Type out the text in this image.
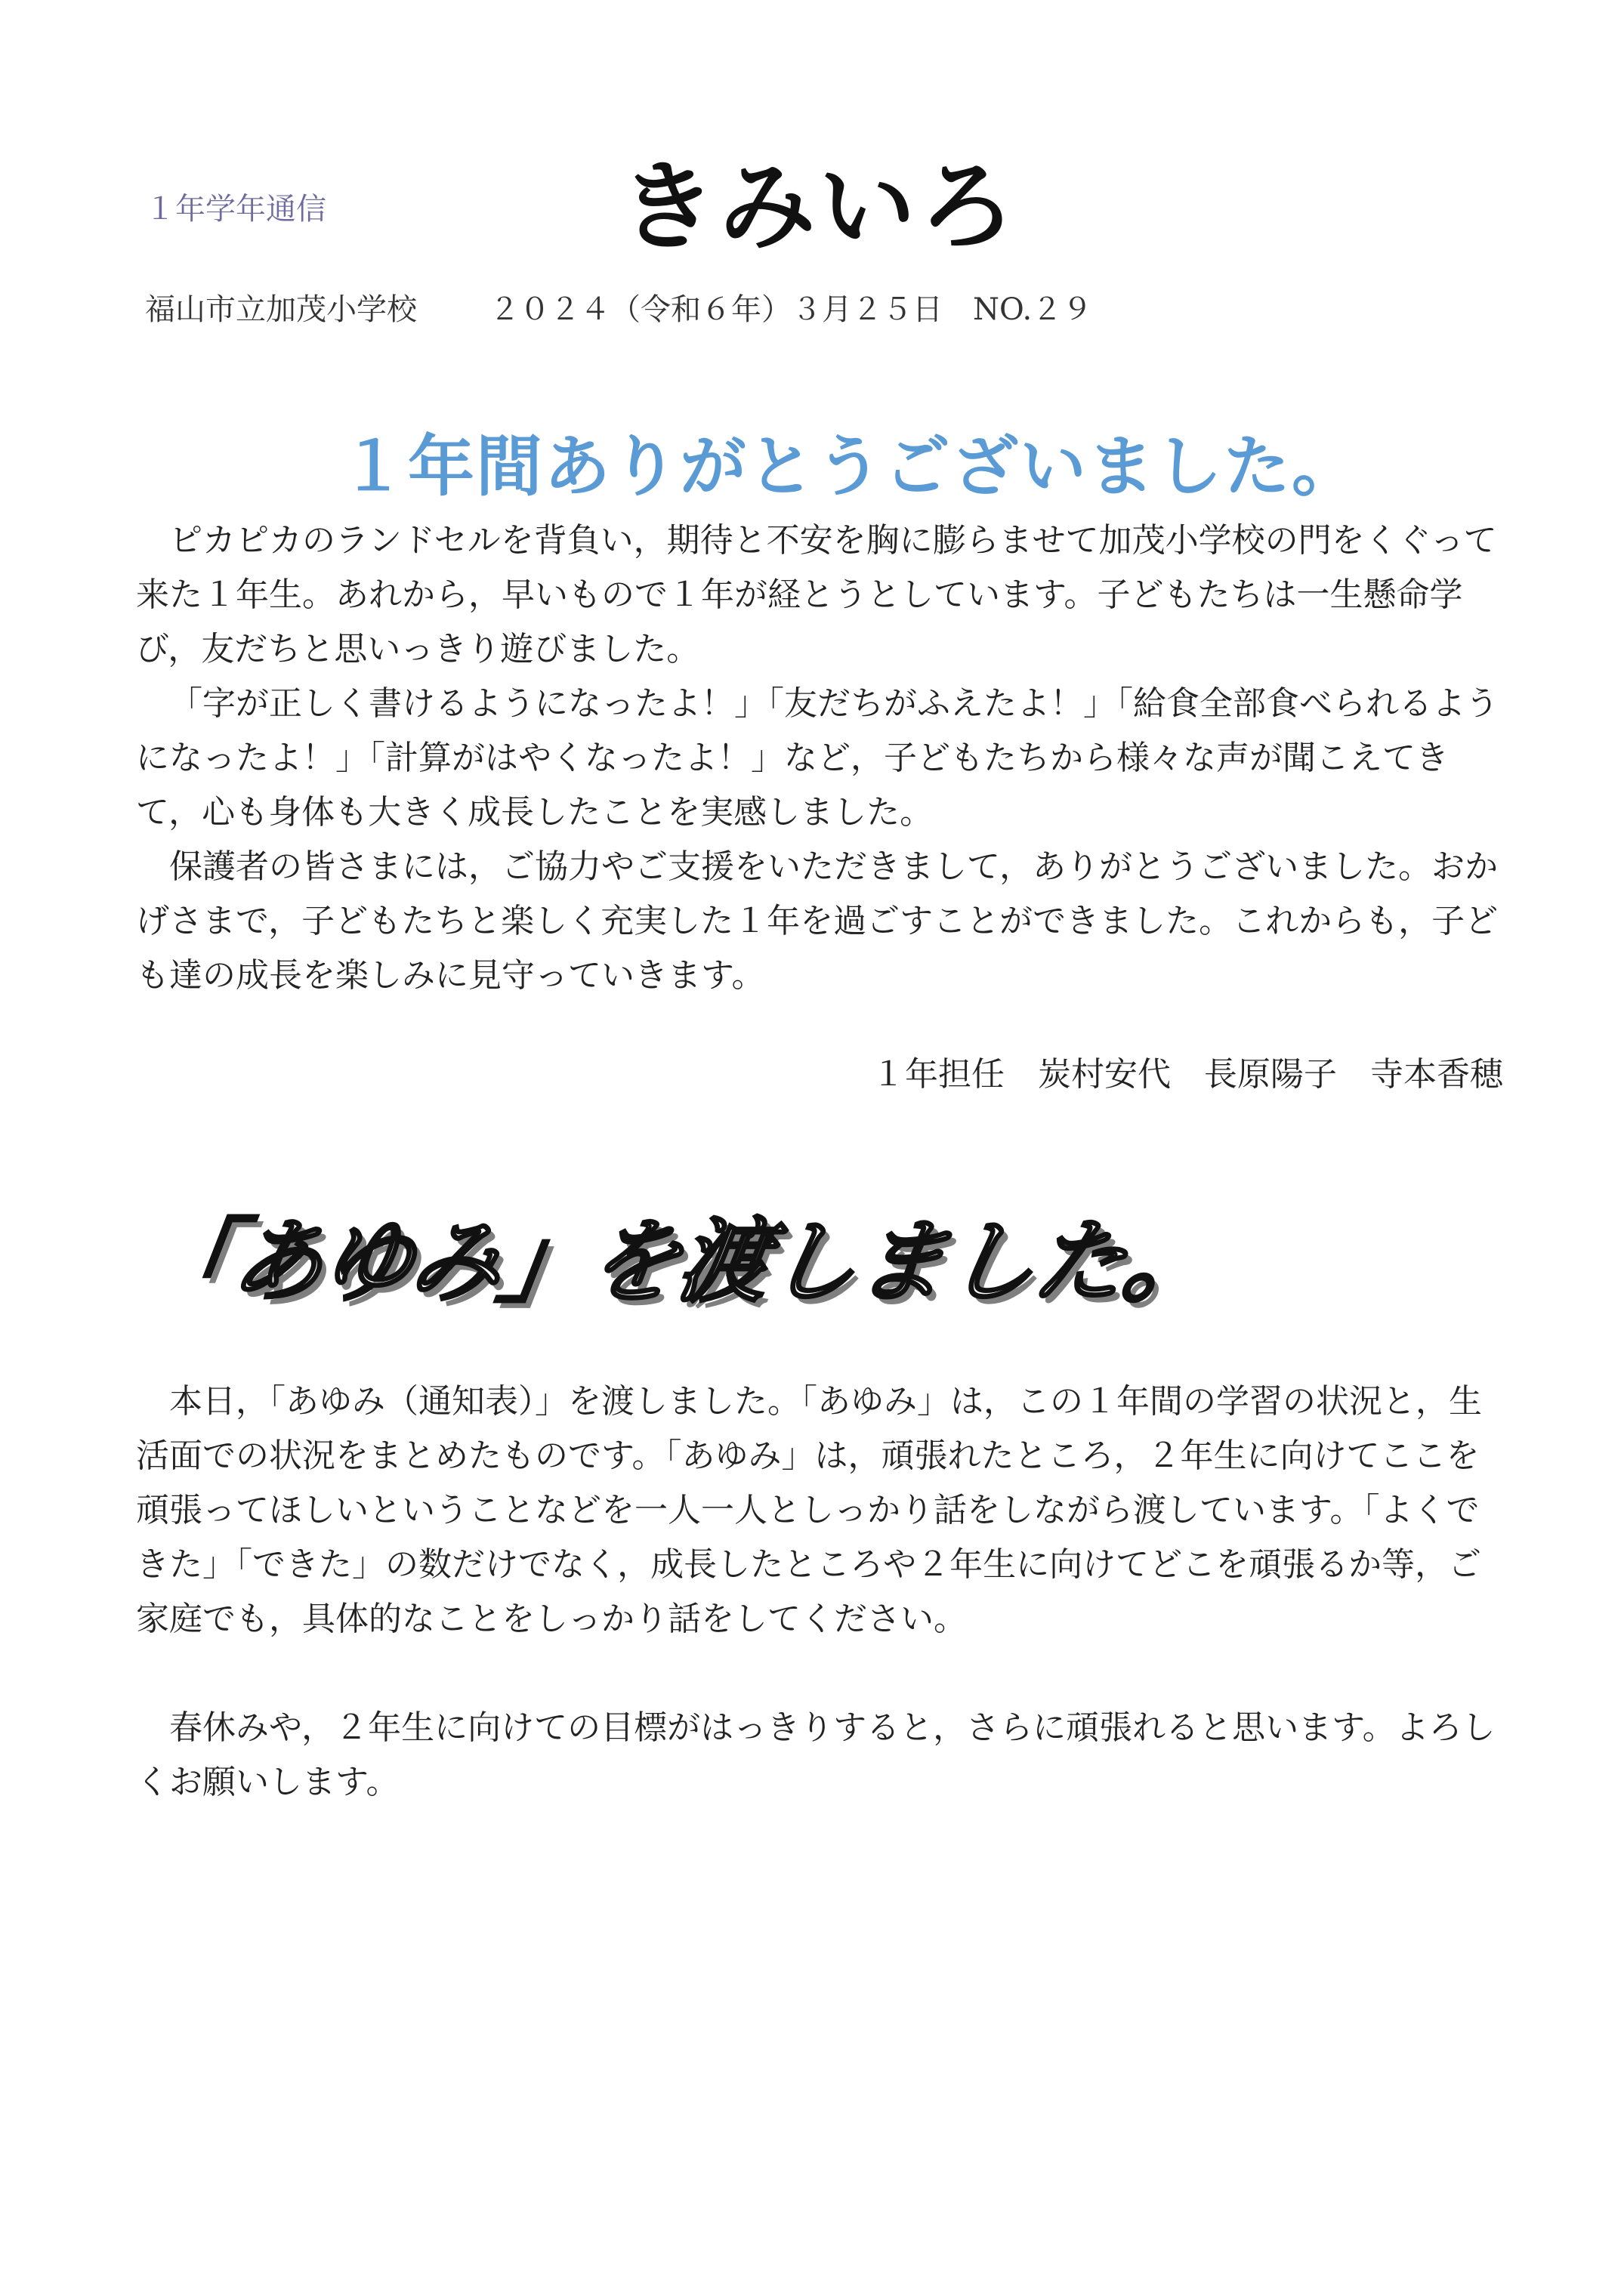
１年学年通信	きみいろ
福山市立加茂小学校 ２０２４（令和６年）３月２５日　 NO.２９
１年間ありがとうございました。

ピカピカのランドセルを背負い，期待と不安を胸に膨らませて加茂小学校の門をくぐって来た１年生。あれから，早いもので１年が経とうとしています。子どもたちは一生懸命学び，友だちと思いっきり遊びました。

「字が正しく書けるようになったよ！」「友だちがふえたよ！」「給食全部食べられるようになったよ！」「計算がはやくなったよ！」など，子どもたちから様々な声が聞こえてきて，心も身体も大きく成長したことを実感しました。

保護者の皆さまには，ご協力やご支援をいただきまして，ありがとうございました。おかげさまで，子どもたちと楽しく充実した１年を過ごすことができました。これからも，子ども達の成長を楽しみに見守っていきます。

１年担任　炭村安代　長原陽子　寺本香穂
「あゆみ」を渡しました。

本日，「あゆみ（通知表）」を渡しました。「あゆみ」は，この１年間の学習の状況と，生活面での状況をまとめたものです。「あゆみ」は，頑張れたところ，２年生に向けてここを頑張ってほしいということなどを一人一人としっかり話をしながら渡しています。「よくできた」「できた」の数だけでなく，成長したところや２年生に向けてどこを頑張るか等，ご家庭でも，具体的なことをしっかり話をしてください。

春休みや，２年生に向けての目標がはっきりすると，さらに頑張れると思います。よろしくお願いします。
